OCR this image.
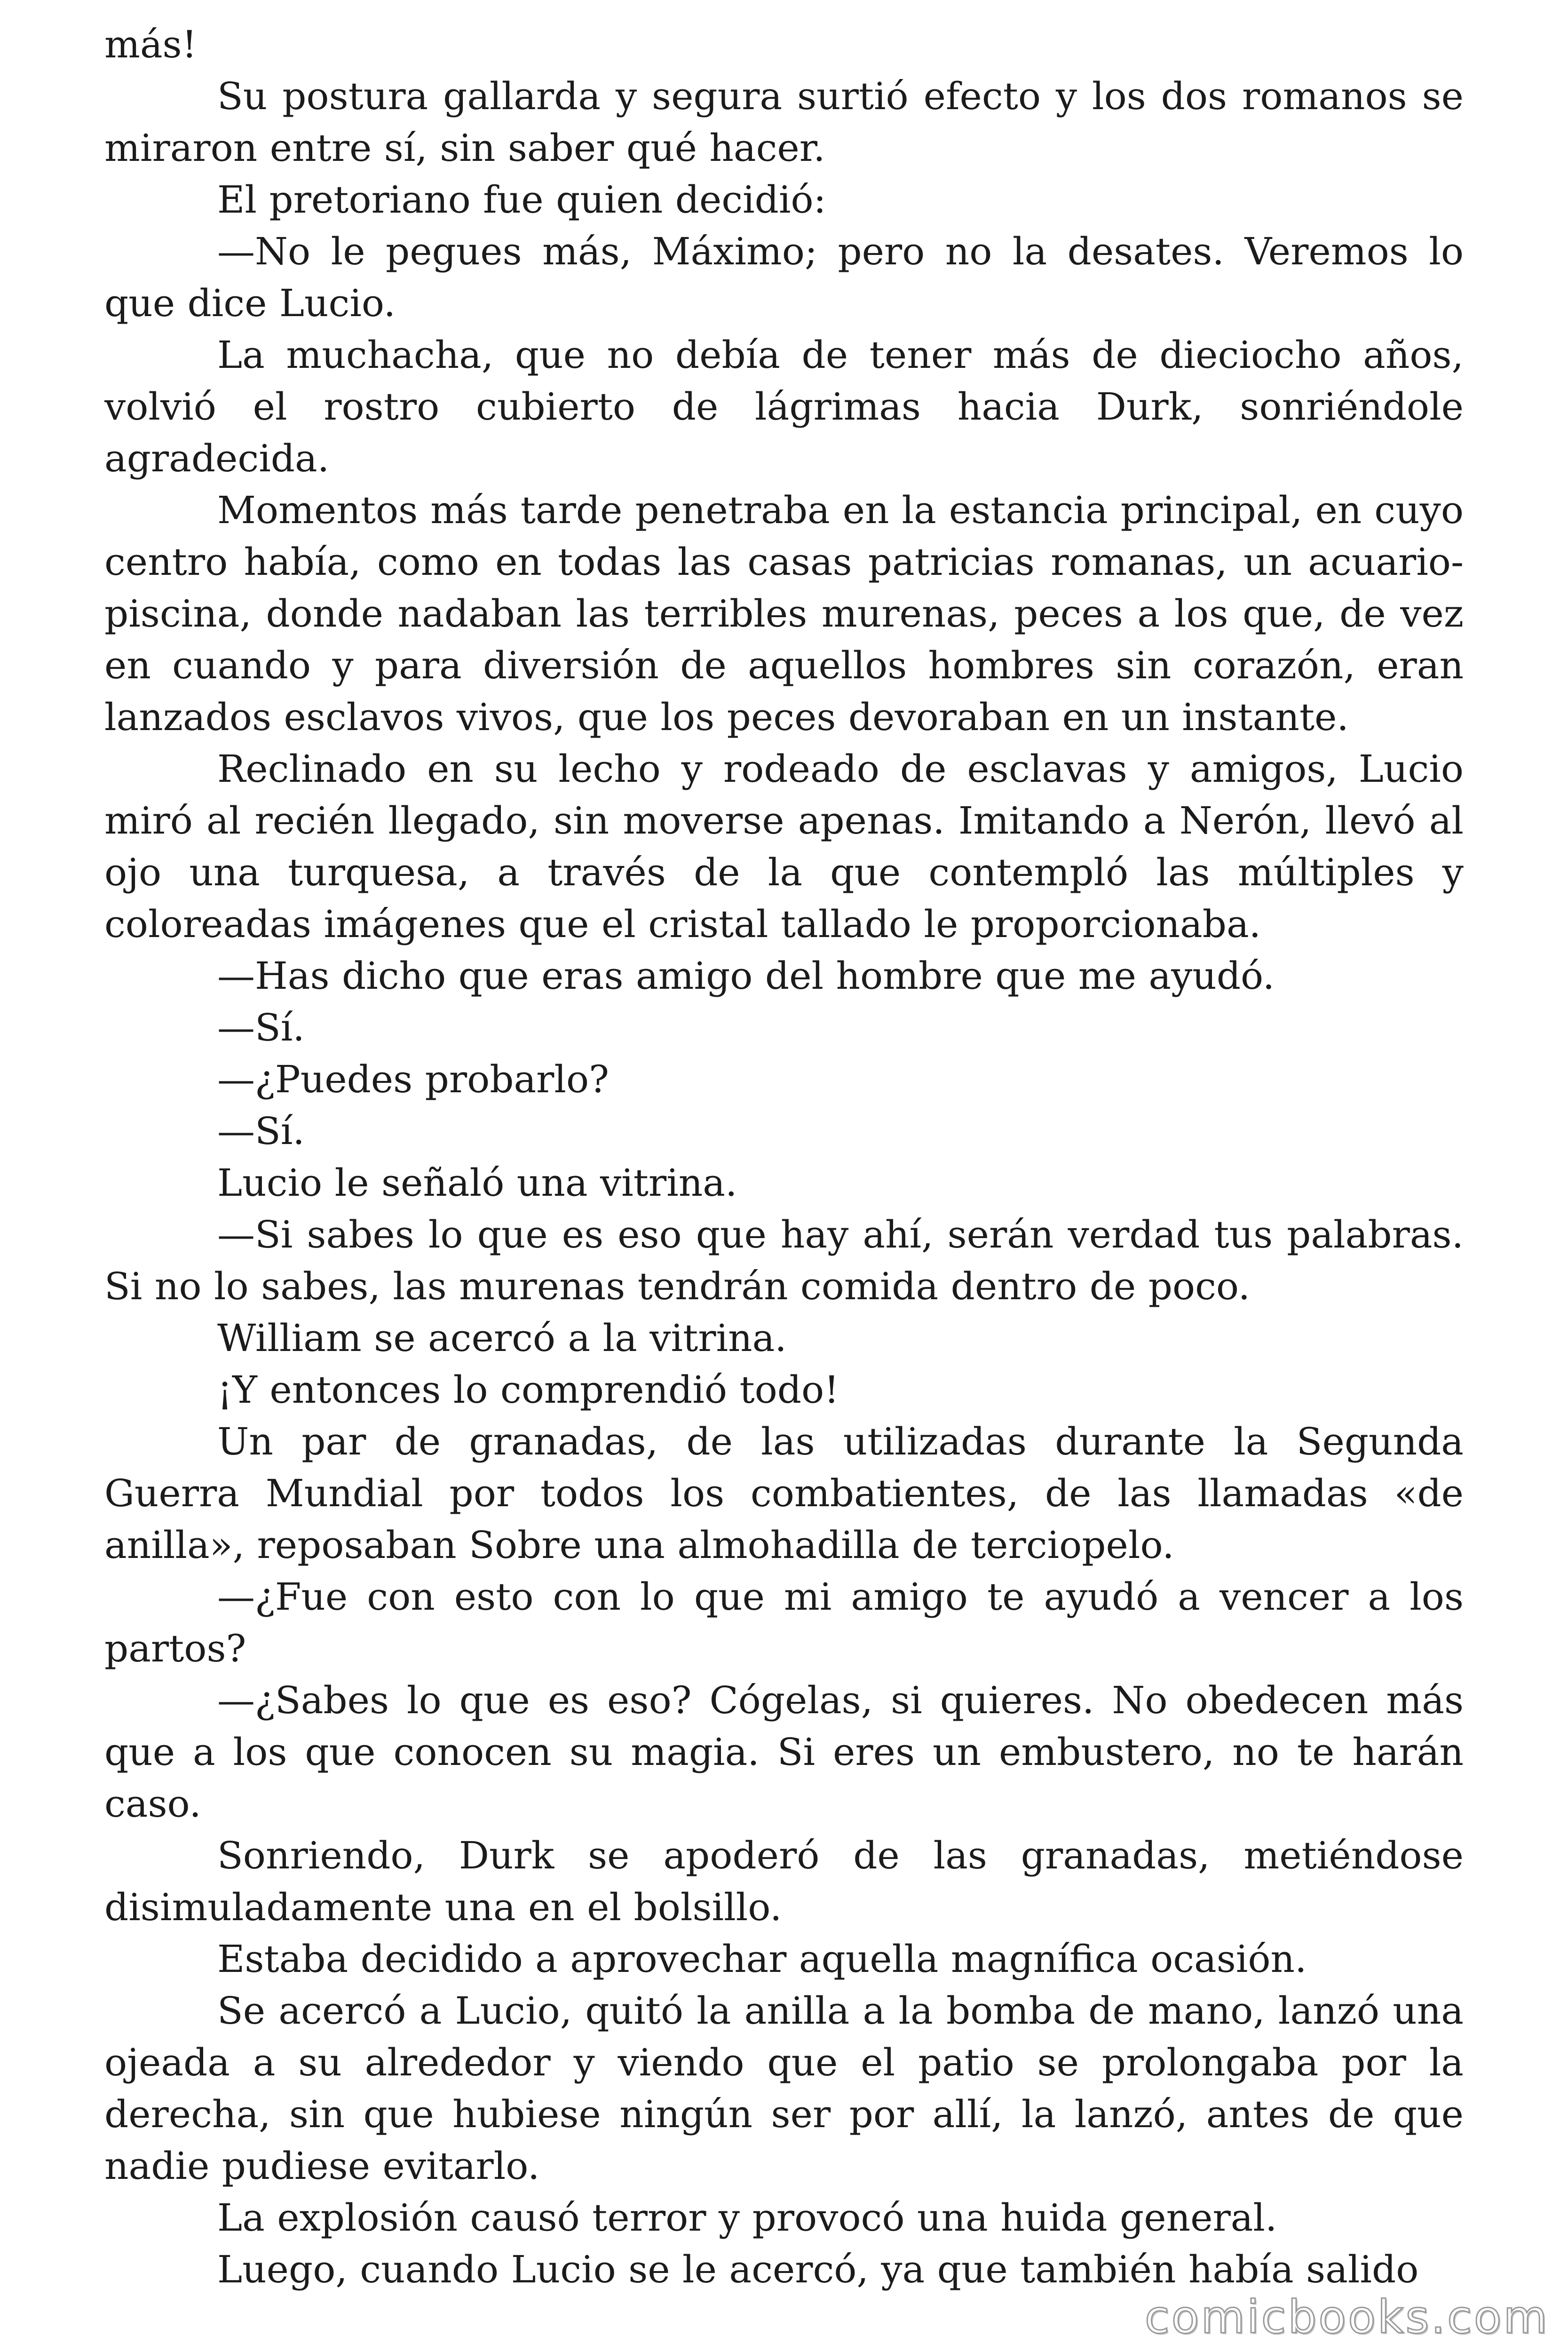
más!

Su postura gallarda y segura surtió efecto y los dos romanos se miraron entre sí, sin saber qué hacer.

El pretoriano fue quien decidió:

—No le pegues más, Máximo; pero no la desates. Veremos lo que dice Lucio.

La muchacha, que no debía de tener más de dieciocho años, volvió el rostro cubierto de lágrimas hacia Durk, sonriéndole agradecida.

Momentos más tarde penetraba en la estancia principal, en cuyo centro había, como en todas las casas patricias romanas, un acuario-piscina, donde nadaban las terribles murenas, peces a los que, de vez en cuando y para diversión de aquellos hombres sin corazón, eran lanzados esclavos vivos, que los peces devoraban en un instante.

Reclinado en su lecho y rodeado de esclavas y amigos, Lucio miró al recién llegado, sin moverse apenas. Imitando a Nerón, llevó al ojo una turquesa, a través de la que contempló las múltiples y coloreadas imágenes que el cristal tallado le proporcionaba.

—Has dicho que eras amigo del hombre que me ayudó.

—Sí.

—¿Puedes probarlo?

—Sí.

Lucio le señaló una vitrina.

—Si sabes lo que es eso que hay ahí, serán verdad tus palabras. Si no lo sabes, las murenas tendrán comida dentro de poco.

William se acercó a la vitrina.

¡Y entonces lo comprendió todo!

Un par de granadas, de las utilizadas durante la Segunda Guerra Mundial por todos los combatientes, de las llamadas «de anilla», reposaban Sobre una almohadilla de terciopelo.

—¿Fue con esto con lo que mi amigo te ayudó a vencer a los partos?

—¿Sabes lo que es eso? Cógelas, si quieres. No obedecen más que a los que conocen su magia. Si eres un embustero, no te harán caso.

Sonriendo, Durk se apoderó de las granadas, metiéndose disimuladamente una en el bolsillo.

Estaba decidido a aprovechar aquella magnífica ocasión.

Se acercó a Lucio, quitó la anilla a la bomba de mano, lanzó una ojeada a su alrededor y viendo que el patio se prolongaba por la derecha, sin que hubiese ningún ser por allí, la lanzó, antes de que nadie pudiese evitarlo.

La explosión causó terror y provocó una huida general.

Luego, cuando Lucio se le acercó, ya que también había salido

comicbooks.com
